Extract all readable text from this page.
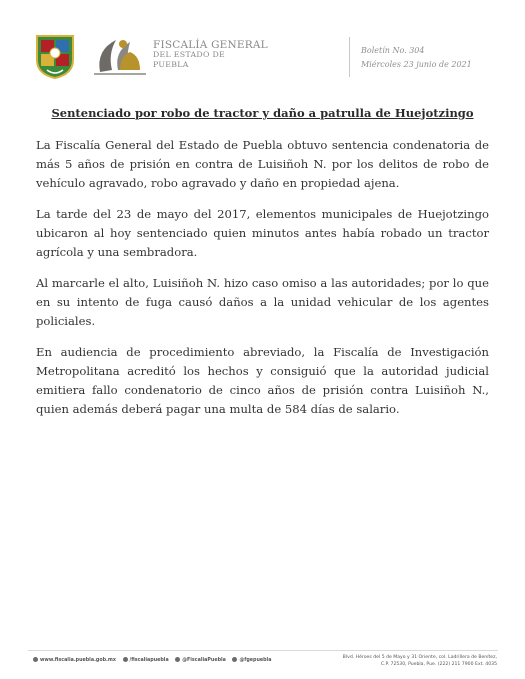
FISCALÍA GENERAL
DEL ESTADO DE
PUEBLA
Boletín No. 304
Miércoles 23 junio de 2021
Sentenciado por robo de tractor y daño a patrulla de Huejotzingo

La Fiscalía General del Estado de Puebla obtuvo sentencia condenatoria de más 5 años de prisión en contra de Luisiñoh N. por los delitos de robo de vehículo agravado, robo agravado y daño en propiedad ajena.

La tarde del 23 de mayo del 2017, elementos municipales de Huejotzingo ubicaron al hoy sentenciado quien minutos antes había robado un tractor agrícola y una sembradora.

Al marcarle el alto, Luisiñoh N. hizo caso omiso a las autoridades; por lo que en su intento de fuga causó daños a la unidad vehicular de los agentes policiales.

En audiencia de procedimiento abreviado, la Fiscalía de Investigación Metropolitana acreditó los hechos y consiguió que la autoridad judicial emitiera fallo condenatorio de cinco años de prisión contra Luisiñoh N., quien además deberá pagar una multa de 584 días de salario.

www.fiscalia.puebla.gob.mx	/fiscaliapuebla	@FiscaliaPuebla	@fgepuebla
Blvd. Héroes del 5 de Mayo y 31 Oriente, col. Ladrillera de Benítez,
C.P. 72530, Puebla, Pue. (222) 211 7900 Ext. 4035
